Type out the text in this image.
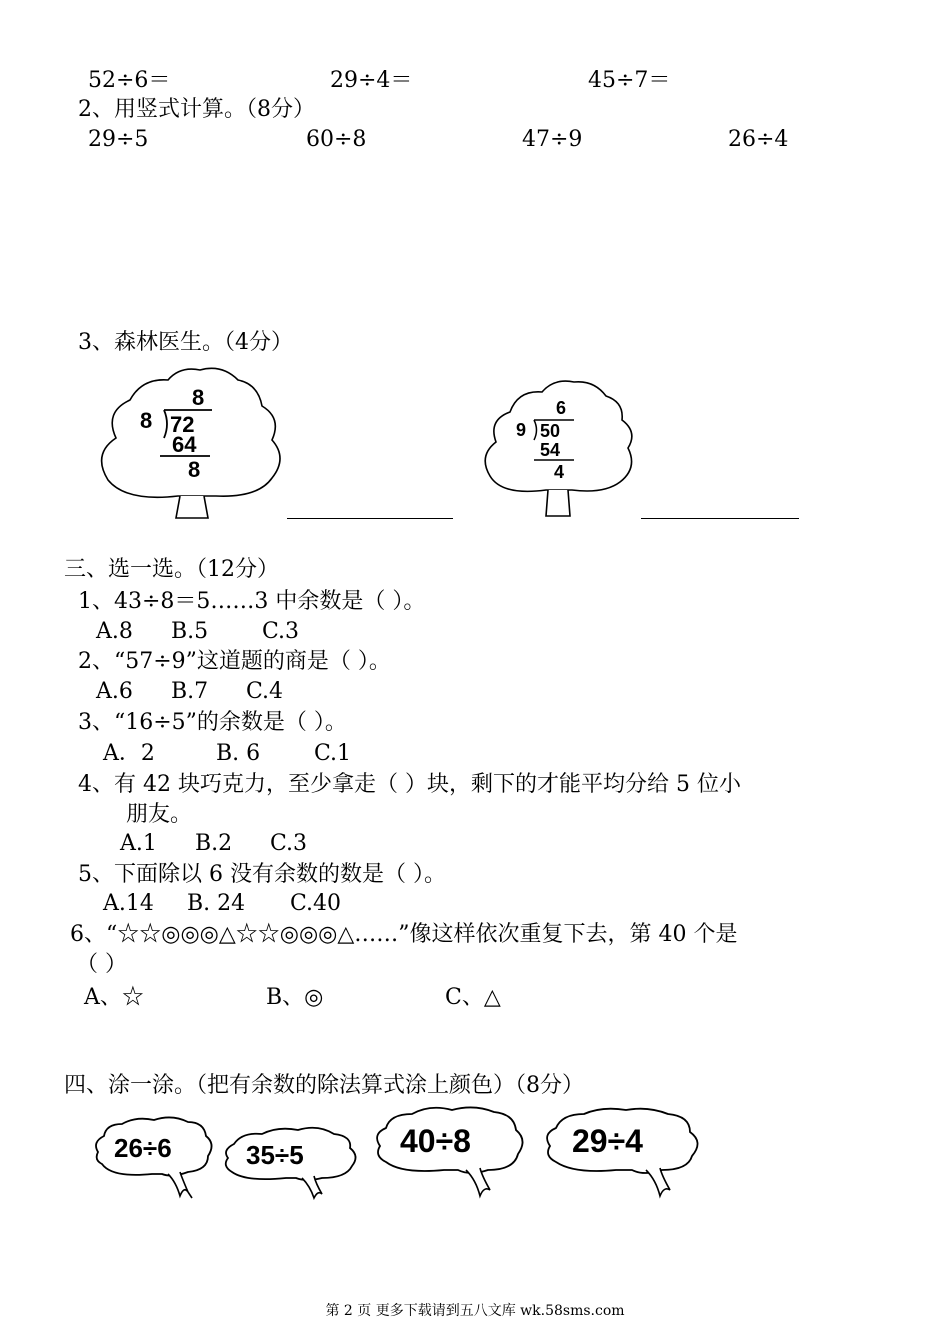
52÷6＝	29÷4＝	45÷7＝
2、用竖式计算。（8分）
29÷5	60÷8	47÷9	26÷4
3、森林医生。（4分）
8
8 72
64
8
6
9 50
54
4
三、选一选。（12分）
1、43÷8＝5……3 中余数是（ ）。
A.8 B.5 C.3
2、“57÷9”这道题的商是（ ）。
A.6 B.7 C.4
3、“16÷5”的余数是（ ）。
A．2	B. 6 C.1
4、有 42 块巧克力，至少拿走（ ）块，剩下的才能平均分给 5 位小
朋友。
A.1 B.2 C.3
5、下面除以 6 没有余数的数是（ ）。
A.14 B. 24 C.40
6、“☆☆◎◎◎△☆☆◎◎◎△……”像这样依次重复下去，第 40 个是
（ ）
A、☆	B、◎	C、△
四、涂一涂。（把有余数的除法算式涂上颜色）（8分）
26÷6	35÷5	40÷8	29÷4
第 2 页 更多下载请到五八文库 wk.58sms.com
